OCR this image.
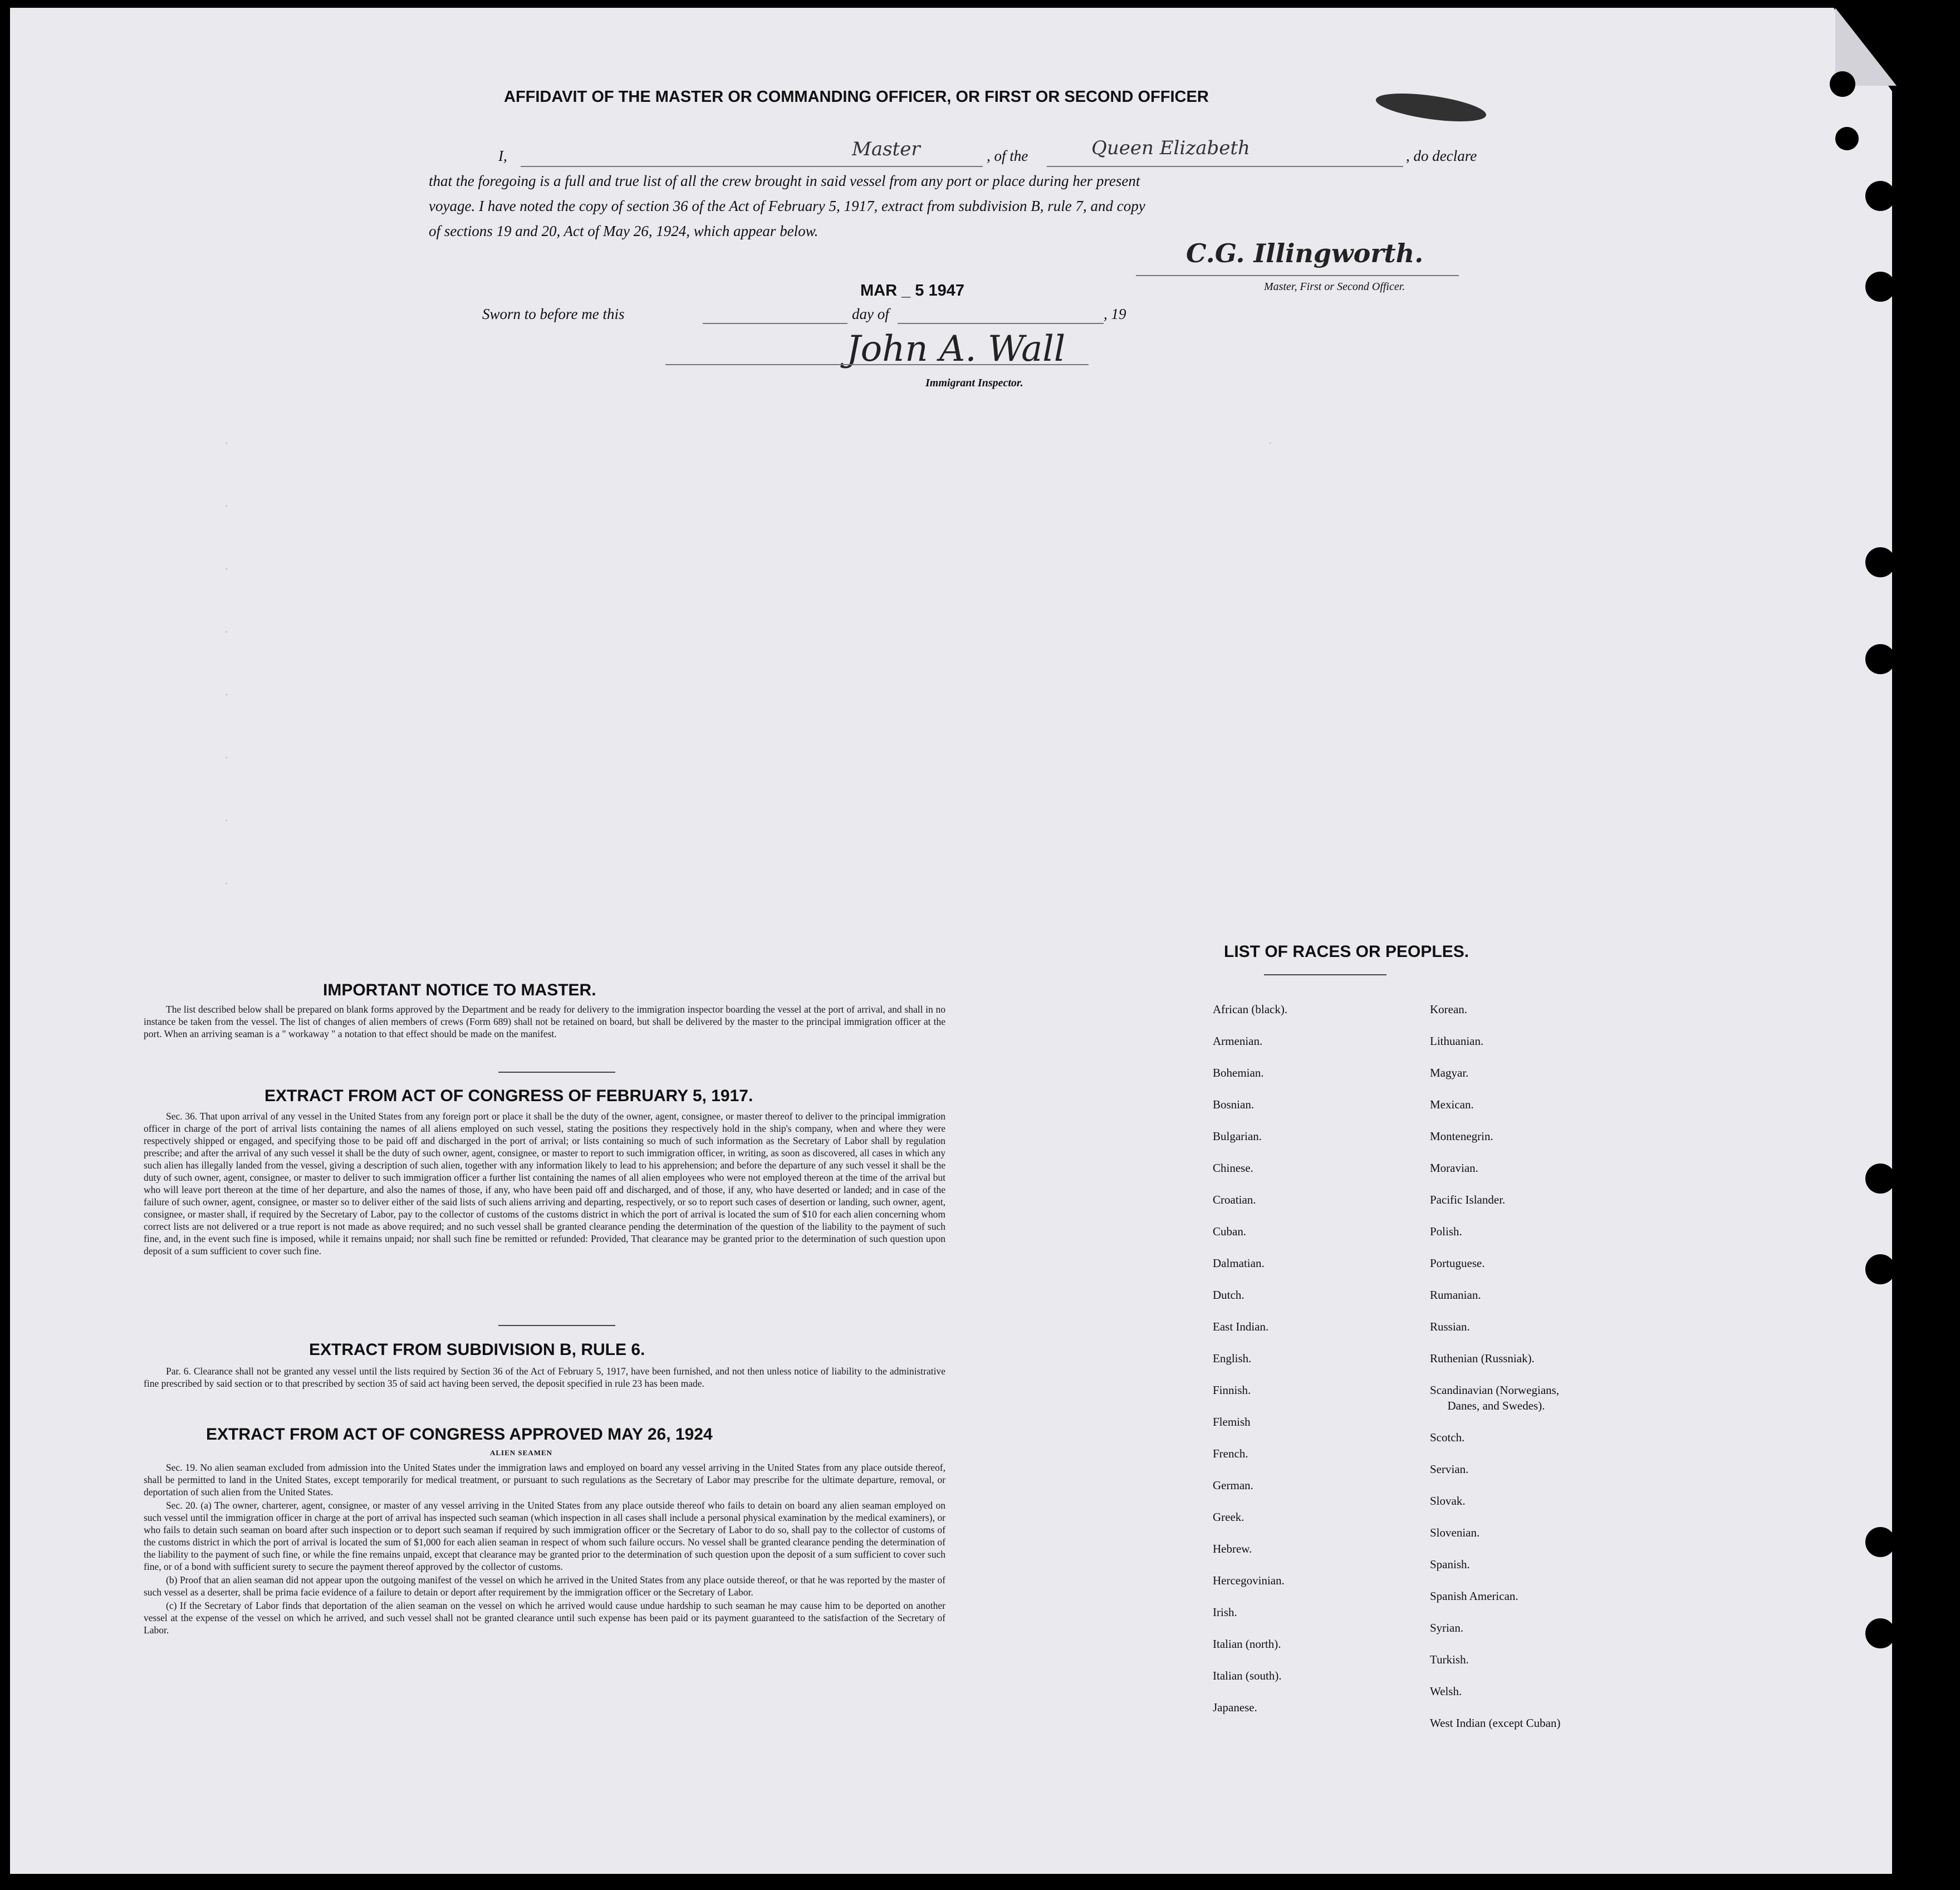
·                                                                                                                                             ·
·
·
·
·
·
·
·
AFFIDAVIT OF THE MASTER OR COMMANDING OFFICER, OR FIRST OR SECOND OFFICER
I,	Master	, of the	Queen Elizabeth	, do declare
that the foregoing is a full and true list of all the crew brought in said vessel from any port or place during her present
voyage. I have noted the copy of section 36 of the Act of February 5, 1917, extract from subdivision B, rule 7, and copy
of sections 19 and 20, Act of May 26, 1924, which appear below.
C.G. Illingworth.
Master, First or Second Officer.
Sworn to before me this
MAR _ 5 1947
day of	, 19
John A. Wall
Immigrant Inspector.
IMPORTANT NOTICE TO MASTER.

The list described below shall be prepared on blank forms approved by the Department and be ready for delivery to the immigration inspector boarding the vessel at the port of arrival, and shall in no instance be taken from the vessel. The list of changes of alien members of crews (Form 689) shall not be retained on board, but shall be delivered by the master to the principal immigration officer at the port. When an arriving seaman is a " workaway " a notation to that effect should be made on the manifest.

EXTRACT FROM ACT OF CONGRESS OF FEBRUARY 5, 1917.

Sec. 36. That upon arrival of any vessel in the United States from any foreign port or place it shall be the duty of the owner, agent, consignee, or master thereof to deliver to the principal immigration officer in charge of the port of arrival lists containing the names of all aliens employed on such vessel, stating the positions they respectively hold in the ship's company, when and where they were respectively shipped or engaged, and specifying those to be paid off and discharged in the port of arrival; or lists containing so much of such information as the Secretary of Labor shall by regulation prescribe; and after the arrival of any such vessel it shall be the duty of such owner, agent, consignee, or master to report to such immigration officer, in writing, as soon as discovered, all cases in which any such alien has illegally landed from the vessel, giving a description of such alien, together with any information likely to lead to his apprehension; and before the departure of any such vessel it shall be the duty of such owner, agent, consignee, or master to deliver to such immigration officer a further list containing the names of all alien employees who were not employed thereon at the time of the arrival but who will leave port thereon at the time of her departure, and also the names of those, if any, who have been paid off and discharged, and of those, if any, who have deserted or landed; and in case of the failure of such owner, agent, consignee, or master so to deliver either of the said lists of such aliens arriving and departing, respectively, or so to report such cases of desertion or landing, such owner, agent, consignee, or master shall, if required by the Secretary of Labor, pay to the collector of customs of the customs district in which the port of arrival is located the sum of $10 for each alien concerning whom correct lists are not delivered or a true report is not made as above required; and no such vessel shall be granted clearance pending the determination of the question of the liability to the payment of such fine, and, in the event such fine is imposed, while it remains unpaid; nor shall such fine be remitted or refunded: Provided, That clearance may be granted prior to the determination of such question upon deposit of a sum sufficient to cover such fine.

EXTRACT FROM SUBDIVISION B, RULE 6.

Par. 6. Clearance shall not be granted any vessel until the lists required by Section 36 of the Act of February 5, 1917, have been furnished, and not then unless notice of liability to the administrative fine prescribed by said section or to that prescribed by section 35 of said act having been served, the deposit specified in rule 23 has been made.

EXTRACT FROM ACT OF CONGRESS APPROVED MAY 26, 1924
ALIEN SEAMEN

Sec. 19. No alien seaman excluded from admission into the United States under the immigration laws and employed on board any vessel arriving in the United States from any place outside thereof, shall be permitted to land in the United States, except temporarily for medical treatment, or pursuant to such regulations as the Secretary of Labor may prescribe for the ultimate departure, removal, or deportation of such alien from the United States.

Sec. 20. (a) The owner, charterer, agent, consignee, or master of any vessel arriving in the United States from any place outside thereof who fails to detain on board any alien seaman employed on such vessel until the immigration officer in charge at the port of arrival has inspected such seaman (which inspection in all cases shall include a personal physical examination by the medical examiners), or who fails to detain such seaman on board after such inspection or to deport such seaman if required by such immigration officer or the Secretary of Labor to do so, shall pay to the collector of customs of the customs district in which the port of arrival is located the sum of $1,000 for each alien seaman in respect of whom such failure occurs. No vessel shall be granted clearance pending the determination of the liability to the payment of such fine, or while the fine remains unpaid, except that clearance may be granted prior to the determination of such question upon the deposit of a sum sufficient to cover such fine, or of a bond with sufficient surety to secure the payment thereof approved by the collector of customs.

(b) Proof that an alien seaman did not appear upon the outgoing manifest of the vessel on which he arrived in the United States from any place outside thereof, or that he was reported by the master of such vessel as a deserter, shall be prima facie evidence of a failure to detain or deport after requirement by the immigration officer or the Secretary of Labor.

(c) If the Secretary of Labor finds that deportation of the alien seaman on the vessel on which he arrived would cause undue hardship to such seaman he may cause him to be deported on another vessel at the expense of the vessel on which he arrived, and such vessel shall not be granted clearance until such expense has been paid or its payment guaranteed to the satisfaction of the Secretary of Labor.

LIST OF RACES OR PEOPLES.
African (black).
Armenian.
Bohemian.
Bosnian.
Bulgarian.
Chinese.
Croatian.
Cuban.
Dalmatian.
Dutch.
East Indian.
English.
Finnish.
Flemish
French.
German.
Greek.
Hebrew.
Hercegovinian.
Irish.
Italian (north).
Italian (south).
Japanese.
Korean.
Lithuanian.
Magyar.
Mexican.
Montenegrin.
Moravian.
Pacific Islander.
Polish.
Portuguese.
Rumanian.
Russian.
Ruthenian (Russniak).
Scandinavian (Norwegians,
Danes, and Swedes).
Scotch.
Servian.
Slovak.
Slovenian.
Spanish.
Spanish American.
Syrian.
Turkish.
Welsh.
West Indian (except Cuban)
